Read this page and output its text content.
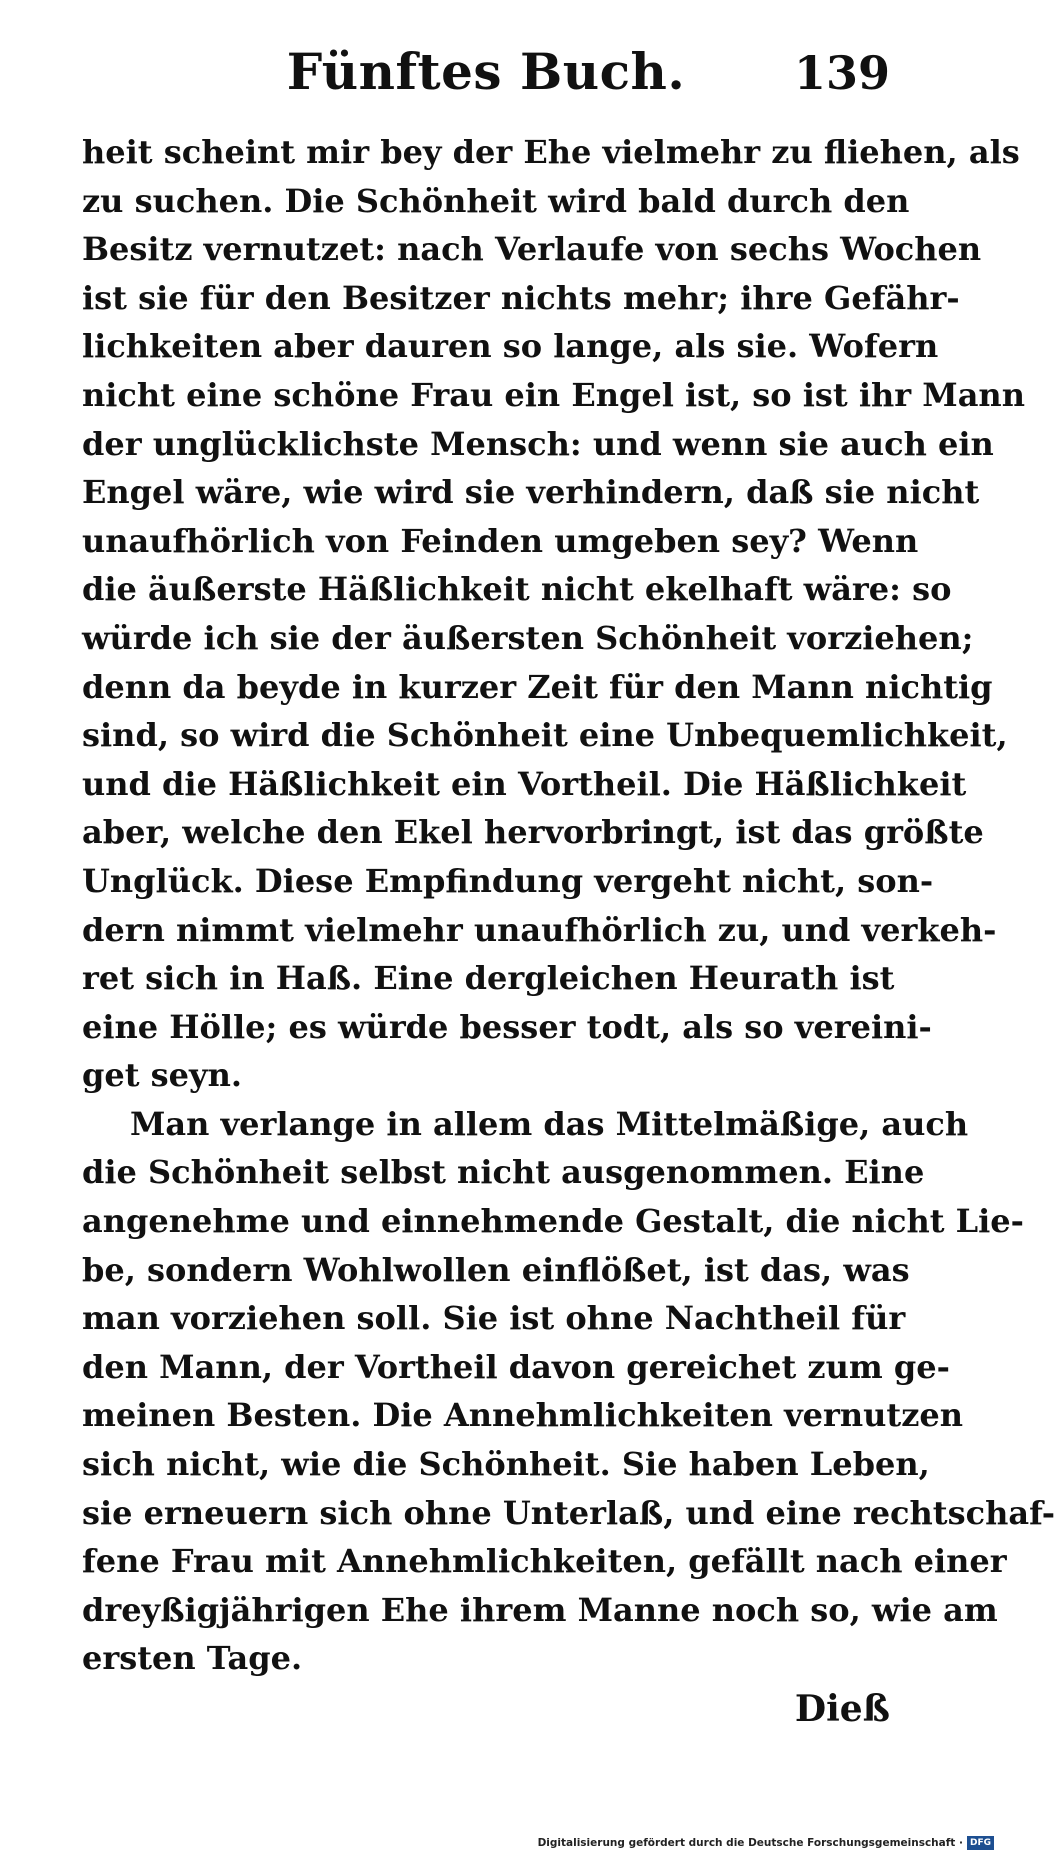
Fünftes Buch.	139
heit scheint mir bey der Ehe vielmehr zu fliehen, als
zu suchen. Die Schönheit wird bald durch den
Besitz vernutzet: nach Verlaufe von sechs Wochen
ist sie für den Besitzer nichts mehr; ihre Gefähr-
lichkeiten aber dauren so lange, als sie. Wofern
nicht eine schöne Frau ein Engel ist, so ist ihr Mann
der unglücklichste Mensch: und wenn sie auch ein
Engel wäre, wie wird sie verhindern, daß sie nicht
unaufhörlich von Feinden umgeben sey? Wenn
die äußerste Häßlichkeit nicht ekelhaft wäre: so
würde ich sie der äußersten Schönheit vorziehen;
denn da beyde in kurzer Zeit für den Mann nichtig
sind, so wird die Schönheit eine Unbequemlichkeit,
und die Häßlichkeit ein Vortheil. Die Häßlichkeit
aber, welche den Ekel hervorbringt, ist das größte
Unglück. Diese Empfindung vergeht nicht, son-
dern nimmt vielmehr unaufhörlich zu, und verkeh-
ret sich in Haß. Eine dergleichen Heurath ist
eine Hölle; es würde besser todt, als so vereini-
get seyn.
Man verlange in allem das Mittelmäßige, auch
die Schönheit selbst nicht ausgenommen. Eine
angenehme und einnehmende Gestalt, die nicht Lie-
be, sondern Wohlwollen einflößet, ist das, was
man vorziehen soll. Sie ist ohne Nachtheil für
den Mann, der Vortheil davon gereichet zum ge-
meinen Besten. Die Annehmlichkeiten vernutzen
sich nicht, wie die Schönheit. Sie haben Leben,
sie erneuern sich ohne Unterlaß, und eine rechtschaf-
fene Frau mit Annehmlichkeiten, gefällt nach einer
dreyßigjährigen Ehe ihrem Manne noch so, wie am
ersten Tage.
Dieß
Digitalisierung gefördert durch die Deutsche Forschungsgemeinschaft · DFG
